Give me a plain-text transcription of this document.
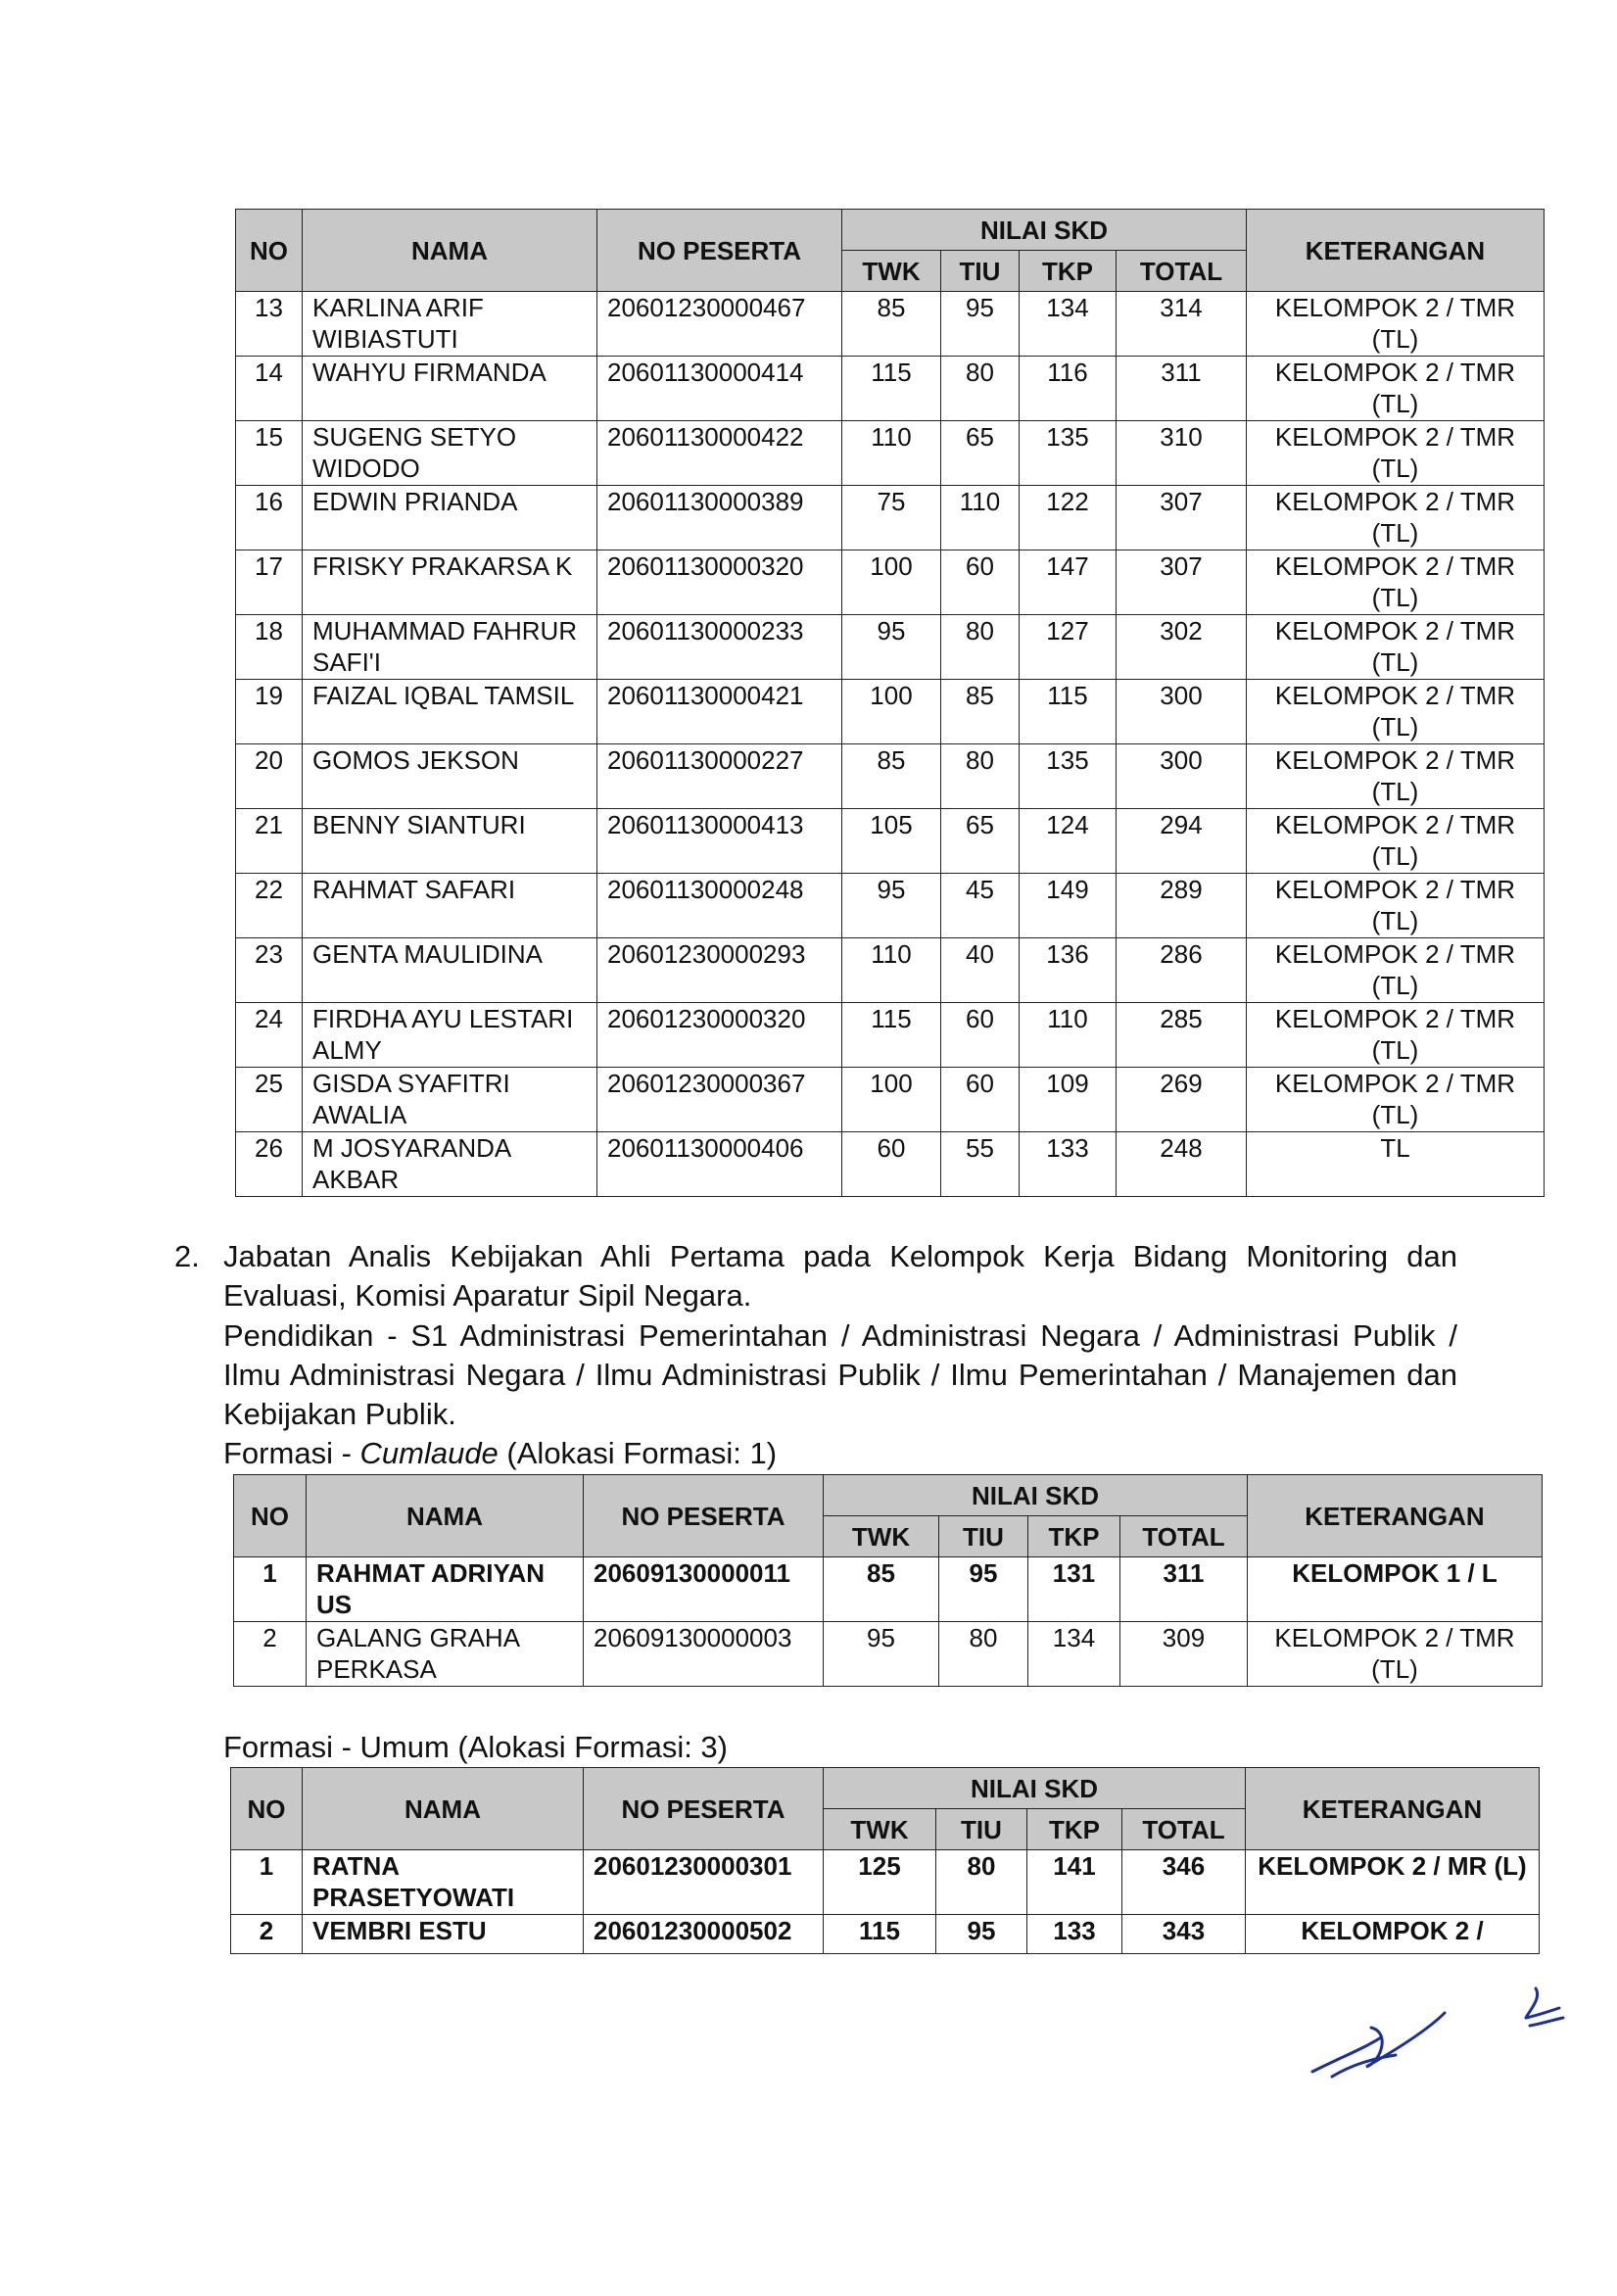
NO	NAMA	NO PESERTA	NILAI SKD				KETERANGAN
			TWK	TIU	TKP	TOTAL	
13	KARLINA ARIF WIBIASTUTI	20601230000467	85	95	134	314	KELOMPOK 2 / TMR (TL)
14	WAHYU FIRMANDA	20601130000414	115	80	116	311	KELOMPOK 2 / TMR (TL)
15	SUGENG SETYO WIDODO	20601130000422	110	65	135	310	KELOMPOK 2 / TMR (TL)
16	EDWIN PRIANDA	20601130000389	75	110	122	307	KELOMPOK 2 / TMR (TL)
17	FRISKY PRAKARSA K	20601130000320	100	60	147	307	KELOMPOK 2 / TMR (TL)
18	MUHAMMAD FAHRUR SAFI'I	20601130000233	95	80	127	302	KELOMPOK 2 / TMR (TL)
19	FAIZAL IQBAL TAMSIL	20601130000421	100	85	115	300	KELOMPOK 2 / TMR (TL)
20	GOMOS JEKSON	20601130000227	85	80	135	300	KELOMPOK 2 / TMR (TL)
21	BENNY SIANTURI	20601130000413	105	65	124	294	KELOMPOK 2 / TMR (TL)
22	RAHMAT SAFARI	20601130000248	95	45	149	289	KELOMPOK 2 / TMR (TL)
23	GENTA MAULIDINA	20601230000293	110	40	136	286	KELOMPOK 2 / TMR (TL)
24	FIRDHA AYU LESTARI ALMY	20601230000320	115	60	110	285	KELOMPOK 2 / TMR (TL)
25	GISDA SYAFITRI AWALIA	20601230000367	100	60	109	269	KELOMPOK 2 / TMR (TL)
26	M JOSYARANDA AKBAR	20601130000406	60	55	133	248	TL
2. Jabatan Analis Kebijakan Ahli Pertama pada Kelompok Kerja Bidang Monitoring dan
Evaluasi, Komisi Aparatur Sipil Negara.
Pendidikan - S1 Administrasi Pemerintahan / Administrasi Negara / Administrasi Publik /
Ilmu Administrasi Negara / Ilmu Administrasi Publik / Ilmu Pemerintahan / Manajemen dan
Kebijakan Publik.
Formasi - Cumlaude (Alokasi Formasi: 1)
NO	NAMA	NO PESERTA	NILAI SKD				KETERANGAN
			TWK	TIU	TKP	TOTAL	
1	RAHMAT ADRIYAN US	20609130000011	85	95	131	311	KELOMPOK 1 / L
2	GALANG GRAHA PERKASA	20609130000003	95	80	134	309	KELOMPOK 2 / TMR (TL)
Formasi - Umum (Alokasi Formasi: 3)
NO	NAMA	NO PESERTA	NILAI SKD				KETERANGAN
			TWK	TIU	TKP	TOTAL	
1	RATNA PRASETYOWATI	20601230000301	125	80	141	346	KELOMPOK 2 / MR (L)
2	VEMBRI ESTU	20601230000502	115	95	133	343	KELOMPOK 2 /
